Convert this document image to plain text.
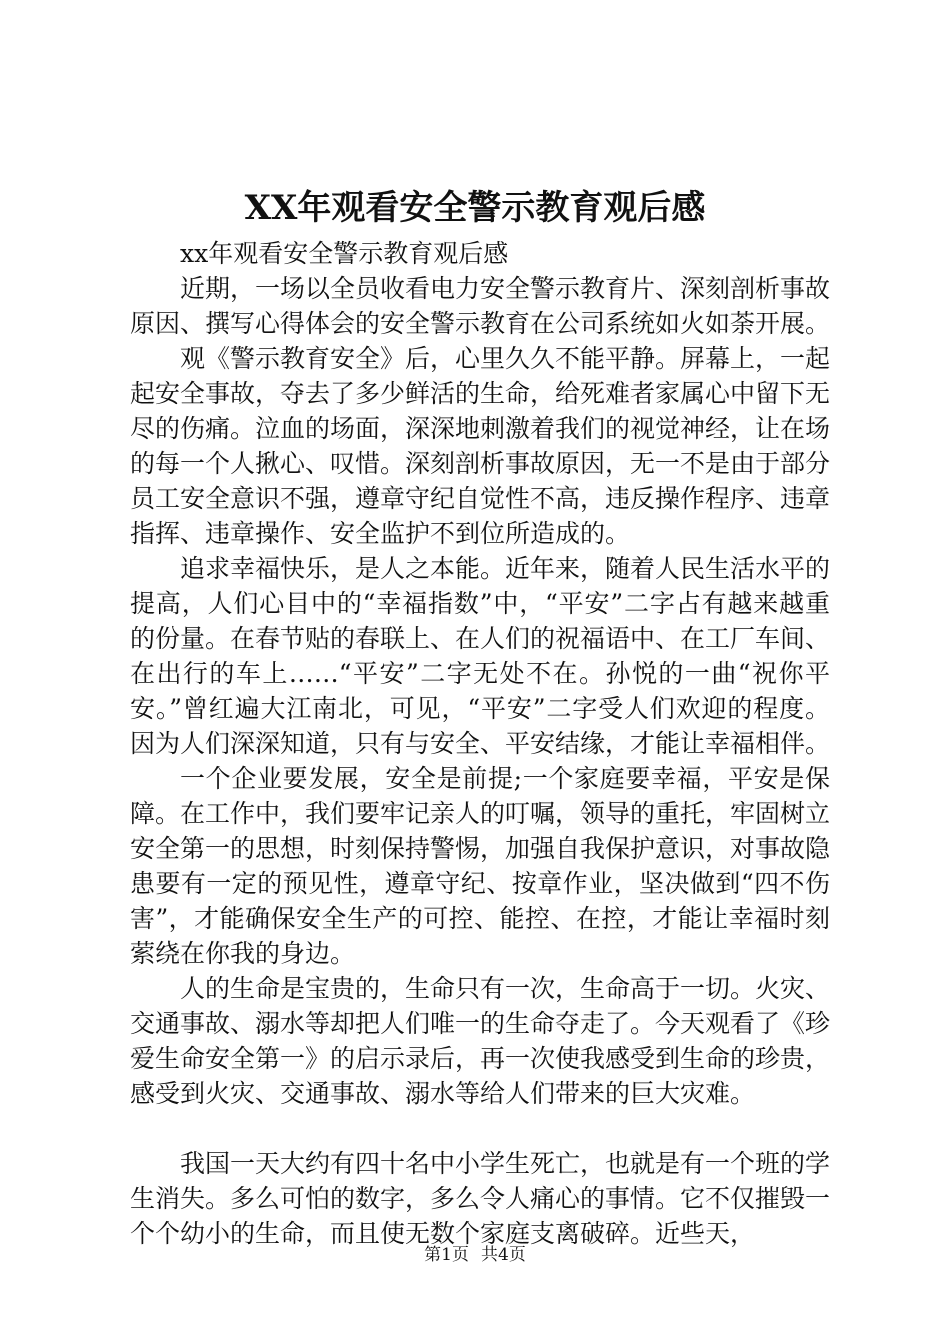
XX年观看安全警示教育观后感

xx年观看安全警示教育观后感

近期，一场以全员收看电力安全警示教育片、深刻剖析事故原因、撰写心得体会的安全警示教育在公司系统如火如荼开展。

观《警示教育安全》后，心里久久不能平静。屏幕上，一起起安全事故，夺去了多少鲜活的生命，给死难者家属心中留下无尽的伤痛。泣血的场面，深深地刺激着我们的视觉神经，让在场的每一个人揪心、叹惜。深刻剖析事故原因，无一不是由于部分员工安全意识不强，遵章守纪自觉性不高，违反操作程序、违章指挥、违章操作、安全监护不到位所造成的。

追求幸福快乐，是人之本能。近年来，随着人民生活水平的提高，人们心目中的“幸福指数”中，“平安”二字占有越来越重的份量。在春节贴的春联上、在人们的祝福语中、在工厂车间、在出行的车上……“平安”二字无处不在。孙悦的一曲“祝你平安。”曾红遍大江南北，可见，“平安”二字受人们欢迎的程度。因为人们深深知道，只有与安全、平安结缘，才能让幸福相伴。

一个企业要发展，安全是前提;一个家庭要幸福，平安是保障。在工作中，我们要牢记亲人的叮嘱，领导的重托，牢固树立安全第一的思想，时刻保持警惕，加强自我保护意识，对事故隐患要有一定的预见性，遵章守纪、按章作业，坚决做到“四不伤害”，才能确保安全生产的可控、能控、在控，才能让幸福时刻萦绕在你我的身边。

人的生命是宝贵的，生命只有一次，生命高于一切。火灾、交通事故、溺水等却把人们唯一的生命夺走了。今天观看了《珍爱生命安全第一》的启示录后，再一次使我感受到生命的珍贵，感受到火灾、交通事故、溺水等给人们带来的巨大灾难。

我国一天大约有四十名中小学生死亡，也就是有一个班的学生消失。多么可怕的数字，多么令人痛心的事情。它不仅摧毁一个个幼小的生命，而且使无数个家庭支离破碎。近些天，

第1页 共4页
